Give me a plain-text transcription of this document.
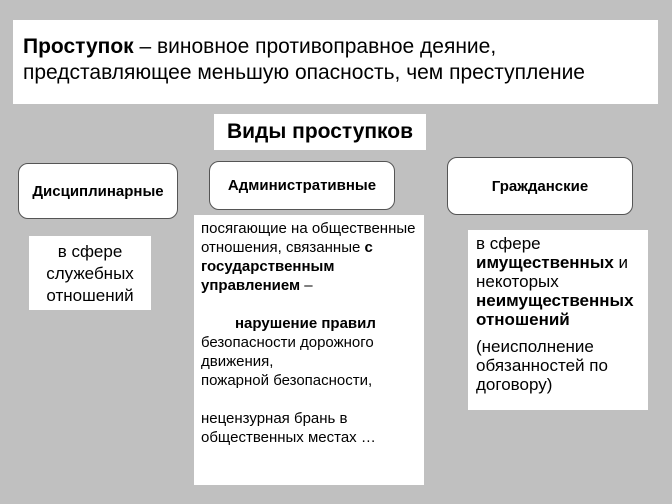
Проступок – виновное противоправное деяние, представляющее меньшую опасность, чем преступление
Виды проступков
Дисциплинарные	Административные	Гражданские
в сфере служебных отношений

посягающие на общественные отношения, связанные с государственным управлением –

нарушение правил

безопасности дорожного движения,

пожарной безопасности,

нецензурная брань в общественных местах …

в сфере имущественных и некоторых неимущественных отношений

(неисполнение обязанностей по договору)
